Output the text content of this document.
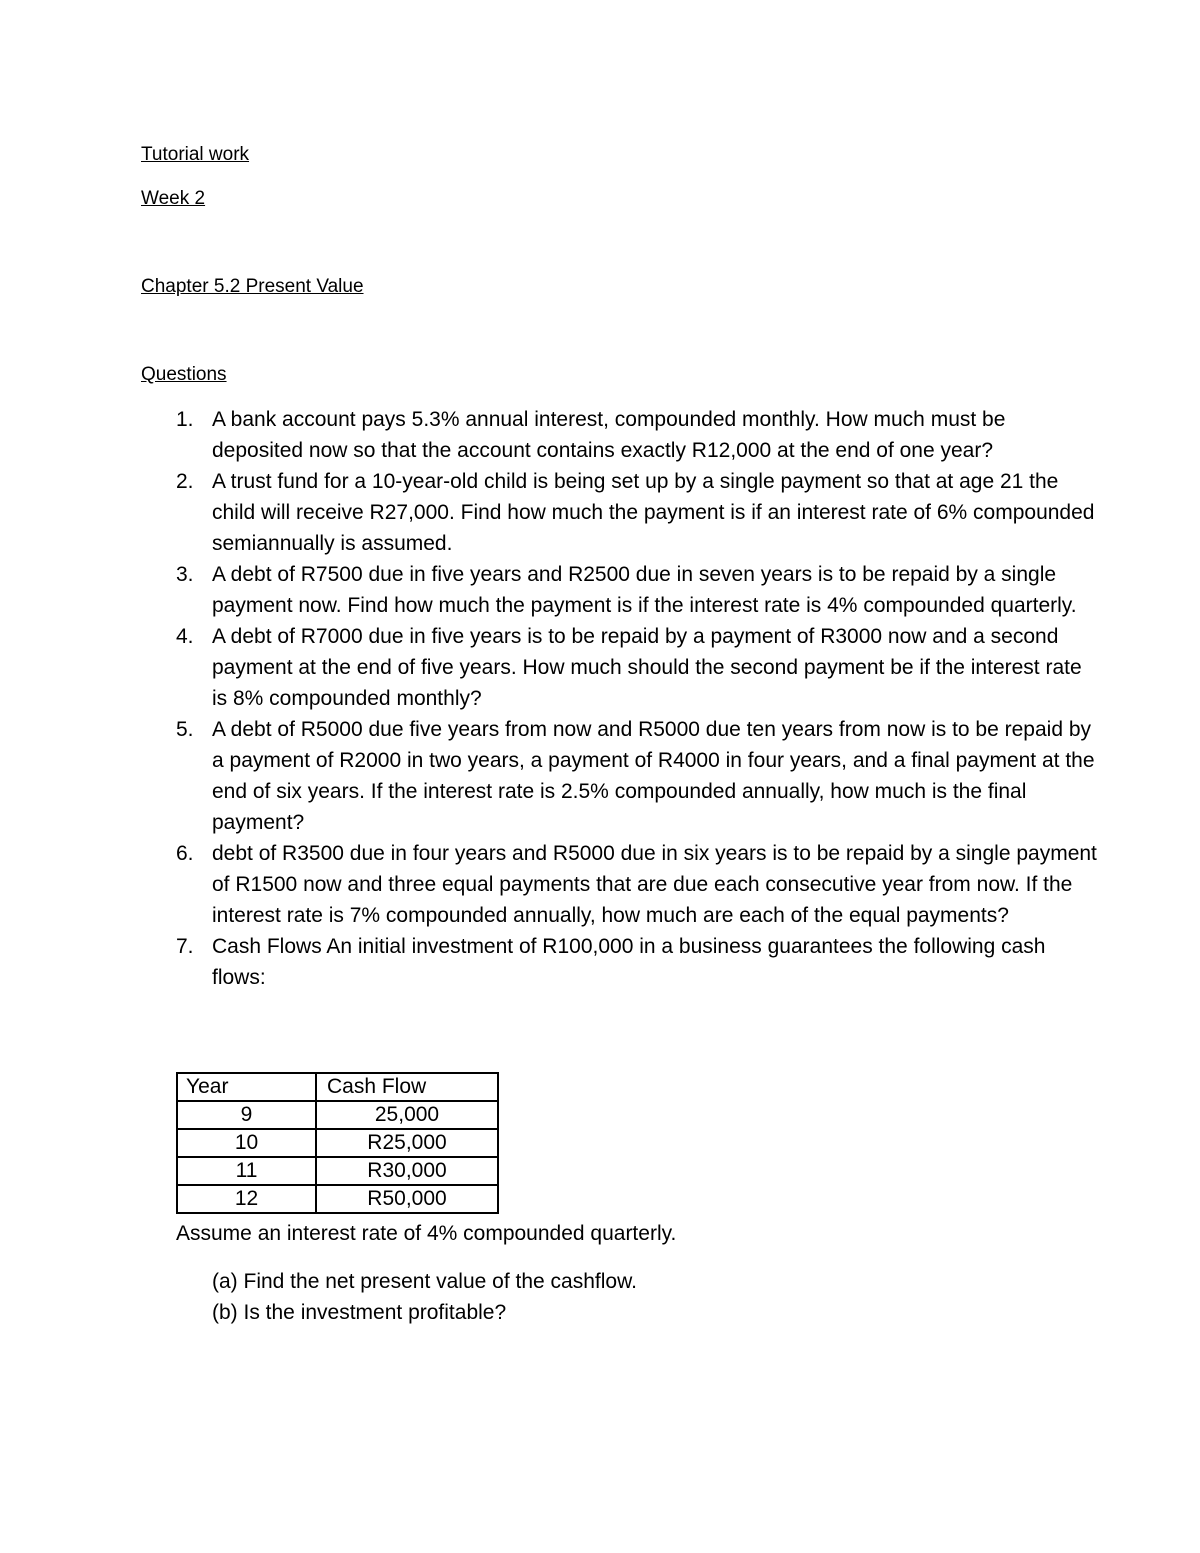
Tutorial work
Week 2
Chapter 5.2 Present Value
Questions
1. A bank account pays 5.3% annual interest, compounded monthly. How much must be deposited now so that the account contains exactly R12,000 at the end of one year?
2. A trust fund for a 10-year-old child is being set up by a single payment so that at age 21 the child will receive R27,000. Find how much the payment is if an interest rate of 6% compounded semiannually is assumed.
3. A debt of R7500 due in five years and R2500 due in seven years is to be repaid by a single payment now. Find how much the payment is if the interest rate is 4% compounded quarterly.
4. A debt of R7000 due in five years is to be repaid by a payment of R3000 now and a second payment at the end of five years. How much should the second payment be if the interest rate is 8% compounded monthly?
5. A debt of R5000 due five years from now and R5000 due ten years from now is to be repaid by a payment of R2000 in two years, a payment of R4000 in four years, and a final payment at the end of six years. If the interest rate is 2.5% compounded annually, how much is the final payment?
6. debt of R3500 due in four years and R5000 due in six years is to be repaid by a single payment of R1500 now and three equal payments that are due each consecutive year from now. If the interest rate is 7% compounded annually, how much are each of the equal payments?
7. Cash Flows An initial investment of R100,000 in a business guarantees the following cash flows:
Year	Cash Flow
9	25,000
10	R25,000
11	R30,000
12	R50,000
Assume an interest rate of 4% compounded quarterly.
(a) Find the net present value of the cashflow.
(b) Is the investment profitable?
